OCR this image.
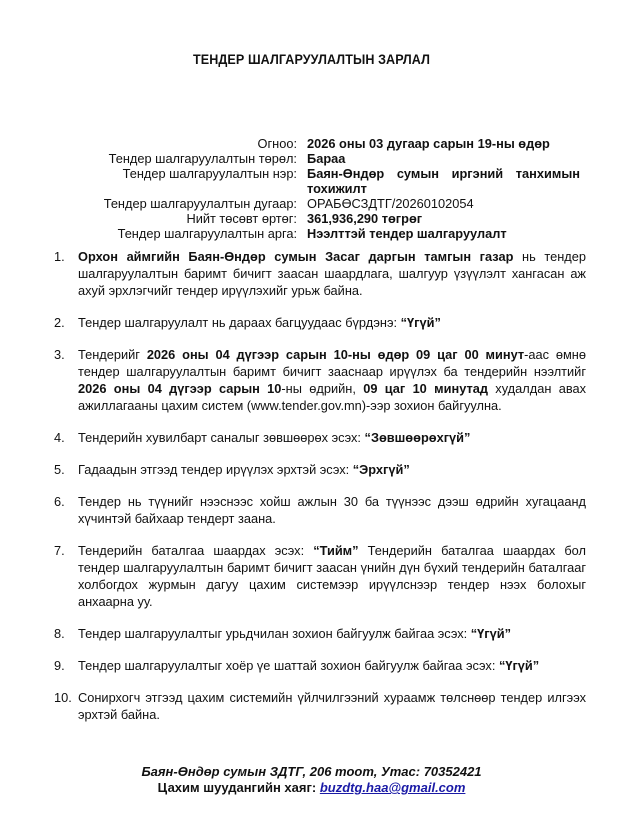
ТЕНДЕР ШАЛГАРУУЛАЛТЫН ЗАРЛАЛ
Огноо: 2026 оны 03 дугаар сарын 19-ны өдөр
Тендер шалгаруулалтын төрөл: Бараа
Тендер шалгаруулалтын нэр: Баян-Өндөр сумын иргэний танхимын тохижилт
Тендер шалгаруулалтын дугаар: ОРАБӨСЗДТГ/20260102054
Нийт төсөвт өртөг: 361,936,290 төгрөг
Тендер шалгаруулалтын арга: Нээлттэй тендер шалгаруулалт
1.	Орхон аймгийн Баян-Өндөр сумын Засаг даргын тамгын газар нь тендер шалгаруулалтын баримт бичигт заасан шаардлага, шалгуур үзүүлэлт хангасан аж ахуй эрхлэгчийг тендер ирүүлэхийг урьж байна.
2.	Тендер шалгаруулалт нь дараах багцуудаас бүрдэнэ: “Үгүй”
3.	Тендерийг 2026 оны 04 дүгээр сарын 10-ны өдөр 09 цаг 00 минут-аас өмнө тендер шалгаруулалтын баримт бичигт зааснаар ирүүлэх ба тендерийн нээлтийг 2026 оны 04 дүгээр сарын 10-ны өдрийн, 09 цаг 10 минутад худалдан авах ажиллагааны цахим систем (www.tender.gov.mn)-ээр зохион байгуулна.
4.	Тендерийн хувилбарт саналыг зөвшөөрөх эсэх: “Зөвшөөрөхгүй”
5.	Гадаадын этгээд тендер ирүүлэх эрхтэй эсэх: “Эрхгүй”
6.	Тендер нь түүнийг нээснээс хойш ажлын 30 ба түүнээс дээш өдрийн хугацаанд хүчинтэй байхаар тендерт заана.
7.	Тендерийн баталгаа шаардах эсэх: “Тийм” Тендерийн баталгаа шаардах бол тендер шалгаруулалтын баримт бичигт заасан үнийн дүн бүхий тендерийн баталгааг холбогдох журмын дагуу цахим системээр ирүүлснээр тендер нээх болохыг анхаарна уу.
8.	Тендер шалгаруулалтыг урьдчилан зохион байгуулж байгаа эсэх: “Үгүй”
9.	Тендер шалгаруулалтыг хоёр үе шаттай зохион байгуулж байгаа эсэх: “Үгүй”
10. Сонирхогч этгээд цахим системийн үйлчилгээний хураамж төлснөөр тендер илгээх эрхтэй байна.
Баян-Өндөр сумын ЗДТГ, 206 тоот, Утас: 70352421
Цахим шуудангийн хаяг: buzdtg.haa@gmail.com
